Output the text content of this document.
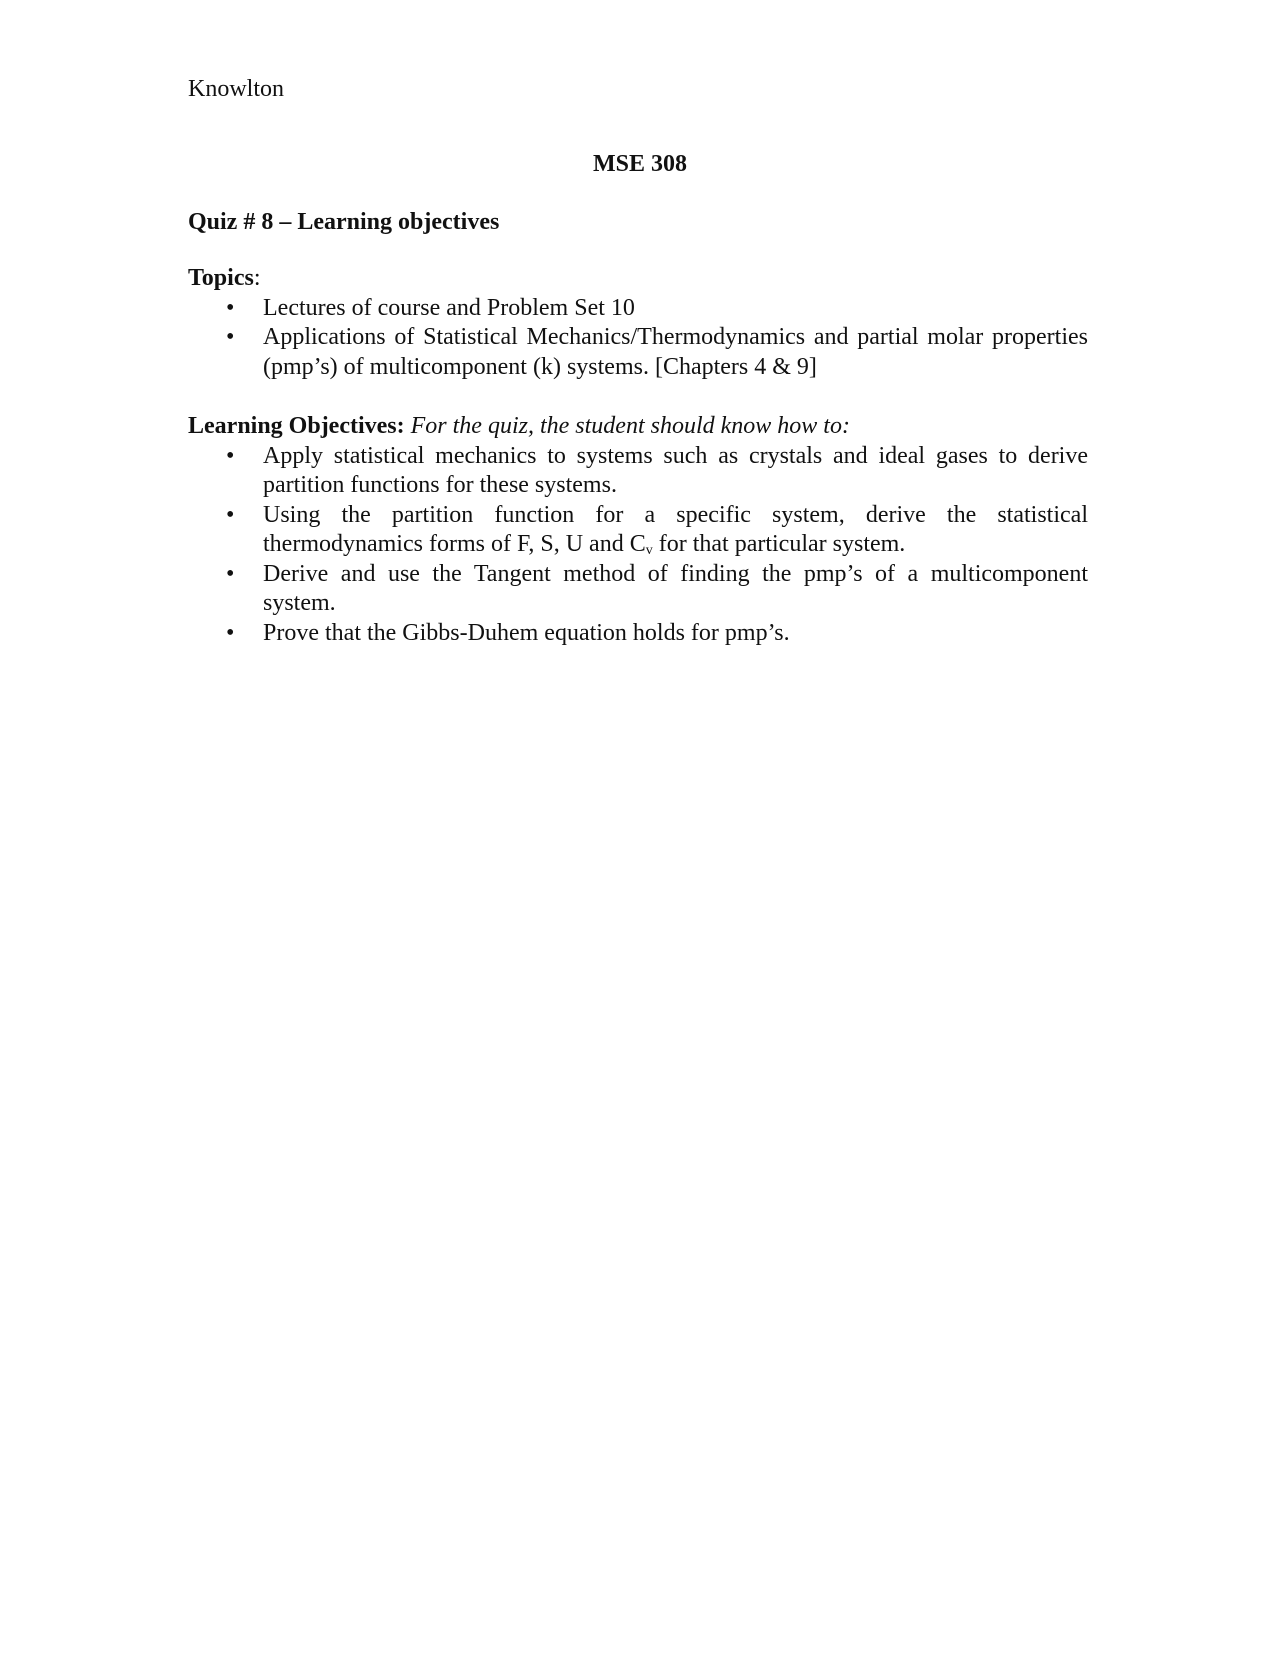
Knowlton
MSE 308
Quiz # 8 – Learning objectives
Topics:
• Lectures of course and Problem Set 10
• Applications of Statistical Mechanics/Thermodynamics and partial molar properties (pmp’s) of multicomponent (k) systems. [Chapters 4 & 9]
Learning Objectives: For the quiz, the student should know how to:
• Apply statistical mechanics to systems such as crystals and ideal gases to derive partition functions for these systems.
• Using the partition function for a specific system, derive the statistical thermodynamics forms of F, S, U and $C_v$ for that particular system.
• Derive and use the Tangent method of finding the pmp’s of a multicomponent system.
• Prove that the Gibbs-Duhem equation holds for pmp’s.
